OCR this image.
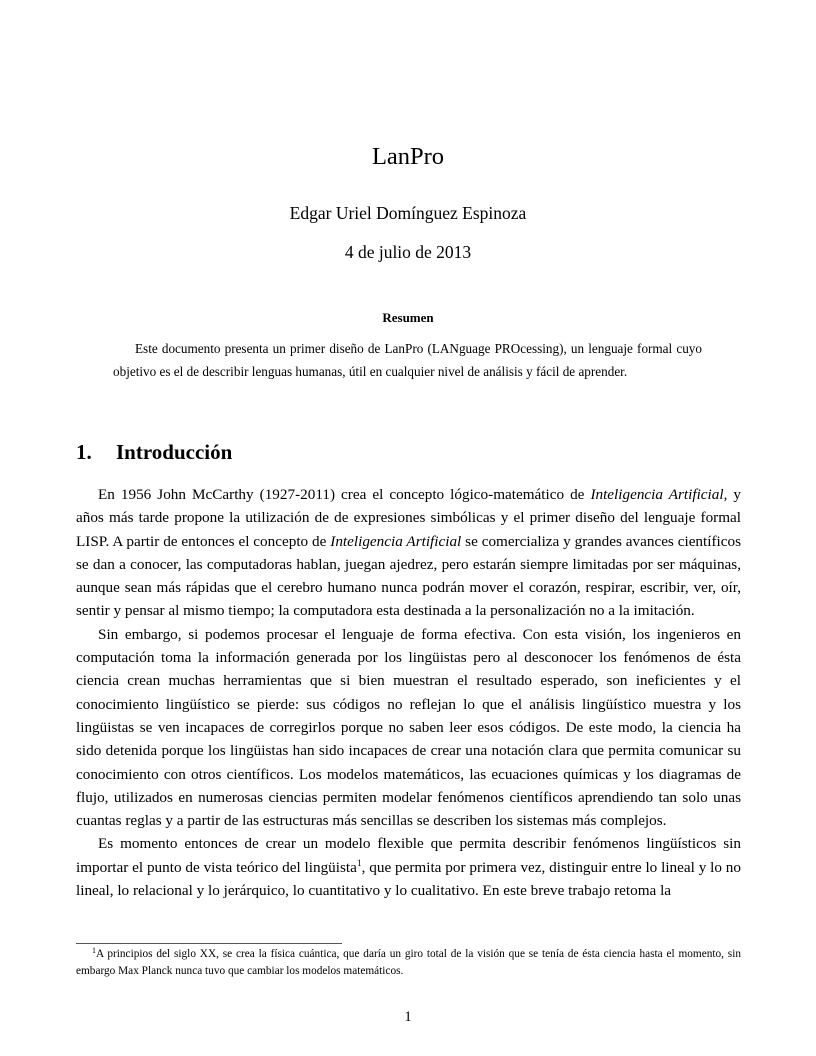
LanPro
Edgar Uriel Domínguez Espinoza
4 de julio de 2013
Resumen

Este documento presenta un primer diseño de LanPro (LANguage PROcessing), un lenguaje formal cuyo objetivo es el de describir lenguas humanas, útil en cualquier nivel de análisis y fácil de aprender.

1. Introducción

En 1956 John McCarthy (1927-2011) crea el concepto lógico-matemático de Inteligencia Artificial, y años más tarde propone la utilización de de expresiones simbólicas y el primer diseño del lenguaje formal LISP. A partir de entonces el concepto de Inteligencia Artificial se comercializa y grandes avances científicos se dan a conocer, las computadoras hablan, juegan ajedrez, pero estarán siempre limitadas por ser máquinas, aunque sean más rápidas que el cerebro humano nunca podrán mover el corazón, respirar, escribir, ver, oír, sentir y pensar al mismo tiempo; la computadora esta destinada a la personalización no a la imitación.

Sin embargo, si podemos procesar el lenguaje de forma efectiva. Con esta visión, los ingenieros en computación toma la información generada por los lingüistas pero al desconocer los fenómenos de ésta ciencia crean muchas herramientas que si bien muestran el resultado esperado, son ineficientes y el conocimiento lingüístico se pierde: sus códigos no reflejan lo que el análisis lingüístico muestra y los lingüistas se ven incapaces de corregirlos porque no saben leer esos códigos. De este modo, la ciencia ha sido detenida porque los lingüistas han sido incapaces de crear una notación clara que permita comunicar su conocimiento con otros científicos. Los modelos matemáticos, las ecuaciones químicas y los diagramas de flujo, utilizados en numerosas ciencias permiten modelar fenómenos científicos aprendiendo tan solo unas cuantas reglas y a partir de las estructuras más sencillas se describen los sistemas más complejos.

Es momento entonces de crear un modelo flexible que permita describir fenómenos lingüísticos sin importar el punto de vista teórico del lingüista$^1$, que permita por primera vez, distinguir entre lo lineal y lo no lineal, lo relacional y lo jerárquico, lo cuantitativo y lo cualitativo. En este breve trabajo retoma la

$^1$A principios del siglo XX, se crea la física cuántica, que daría un giro total de la visión que se tenía de ésta ciencia hasta el momento, sin embargo Max Planck nunca tuvo que cambiar los modelos matemáticos.

1
